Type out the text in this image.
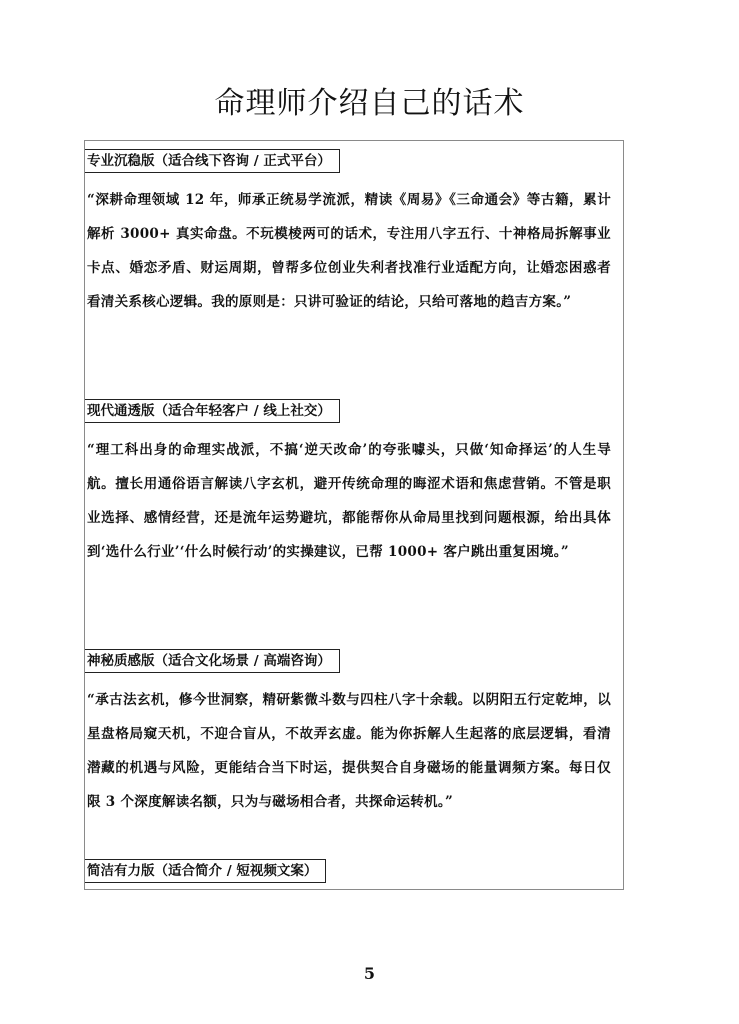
命理师介绍自己的话术
专业沉稳版（适合线下咨询 / 正式平台）
“深耕命理领域 12 年，师承正统易学流派，精读《周易》《三命通会》等古籍，累计解析 3000+ 真实命盘。不玩模棱两可的话术，专注用八字五行、十神格局拆解事业卡点、婚恋矛盾、财运周期，曾帮多位创业失利者找准行业适配方向，让婚恋困惑者看清关系核心逻辑。我的原则是：只讲可验证的结论，只给可落地的趋吉方案。”
现代通透版（适合年轻客户 / 线上社交）
“理工科出身的命理实战派，不搞‘逆天改命’的夸张噱头，只做‘知命择运’的人生导航。擅长用通俗语言解读八字玄机，避开传统命理的晦涩术语和焦虑营销。不管是职业选择、感情经营，还是流年运势避坑，都能帮你从命局里找到问题根源，给出具体到‘选什么行业’‘什么时候行动’的实操建议，已帮 1000+ 客户跳出重复困境。”
神秘质感版（适合文化场景 / 高端咨询）
“承古法玄机，修今世洞察，精研紫微斗数与四柱八字十余载。以阴阳五行定乾坤，以星盘格局窥天机，不迎合盲从，不故弄玄虚。能为你拆解人生起落的底层逻辑，看清潜藏的机遇与风险，更能结合当下时运，提供契合自身磁场的能量调频方案。每日仅限 3 个深度解读名额，只为与磁场相合者，共探命运转机。”
简洁有力版（适合简介 / 短视频文案）
5
